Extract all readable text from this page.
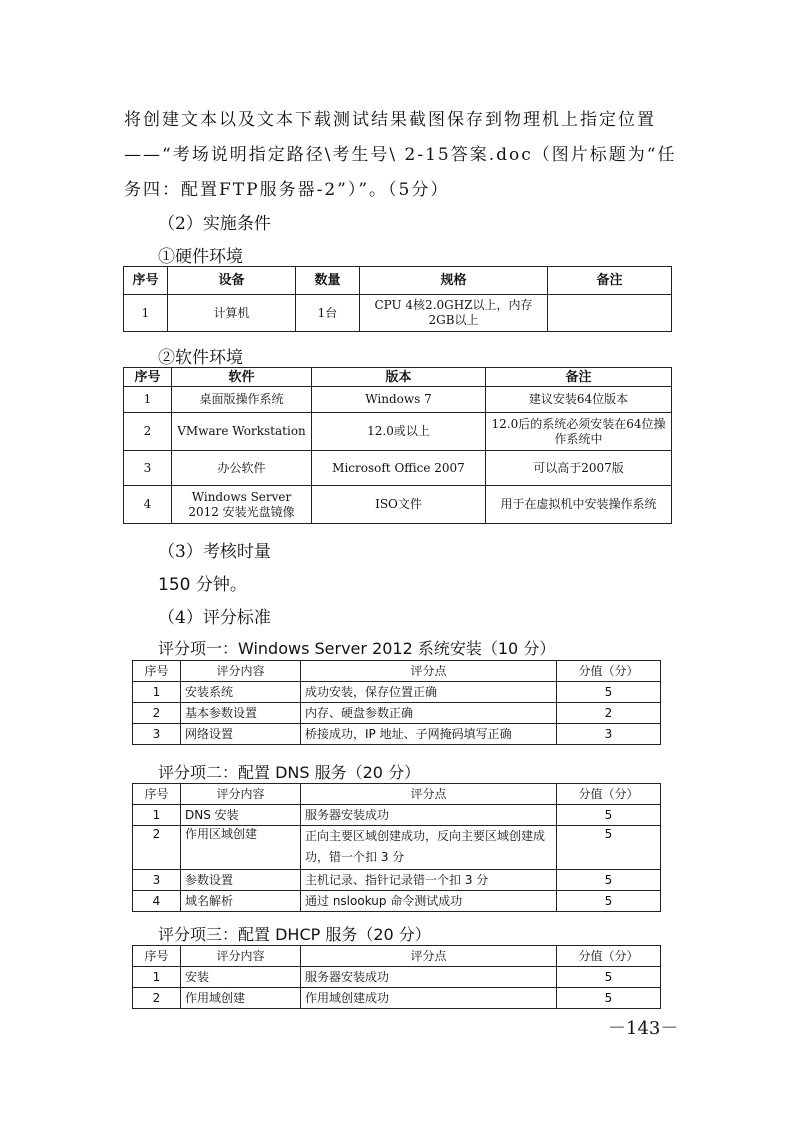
将创建文本以及文本下载测试结果截图保存到物理机上指定位置
——“考场说明指定路径\考生号\ 2-15答案.doc（图片标题为“任
务四：配置FTP服务器-2”）”。（5分）
（2）实施条件
①硬件环境
序号	设备	数量	规格	备注
1	计算机	1台	CPU 4核2.0GHZ以上，内存 2GB以上	
②软件环境
序号	软件	版本	备注
1	桌面版操作系统	Windows 7	建议安装64位版本
2	VMware Workstation	12.0或以上	12.0后的系统必须安装在64位操作系统中
3	办公软件	Microsoft Office 2007	可以高于2007版
4	Windows Server 2012 安装光盘镜像	ISO文件	用于在虚拟机中安装操作系统
（3）考核时量
150 分钟。
（4）评分标准
评分项一：Windows Server 2012 系统安装（10 分）
序号	评分内容	评分点	分值（分）
1	安装系统	成功安装，保存位置正确	5
2	基本参数设置	内存、硬盘参数正确	2
3	网络设置	桥接成功，IP 地址、子网掩码填写正确	3
评分项二：配置 DNS 服务（20 分）
序号	评分内容	评分点	分值（分）
1	DNS 安装	服务器安装成功	5
2	作用区域创建	正向主要区域创建成功，反向主要区域创建成功，错一个扣 3 分	5
3	参数设置	主机记录、指针记录错一个扣 3 分	5
4	域名解析	通过 nslookup 命令测试成功	5
评分项三：配置 DHCP 服务（20 分）
序号	评分内容	评分点	分值（分）
1	安装	服务器安装成功	5
2	作用域创建	作用域创建成功	5
－143－
